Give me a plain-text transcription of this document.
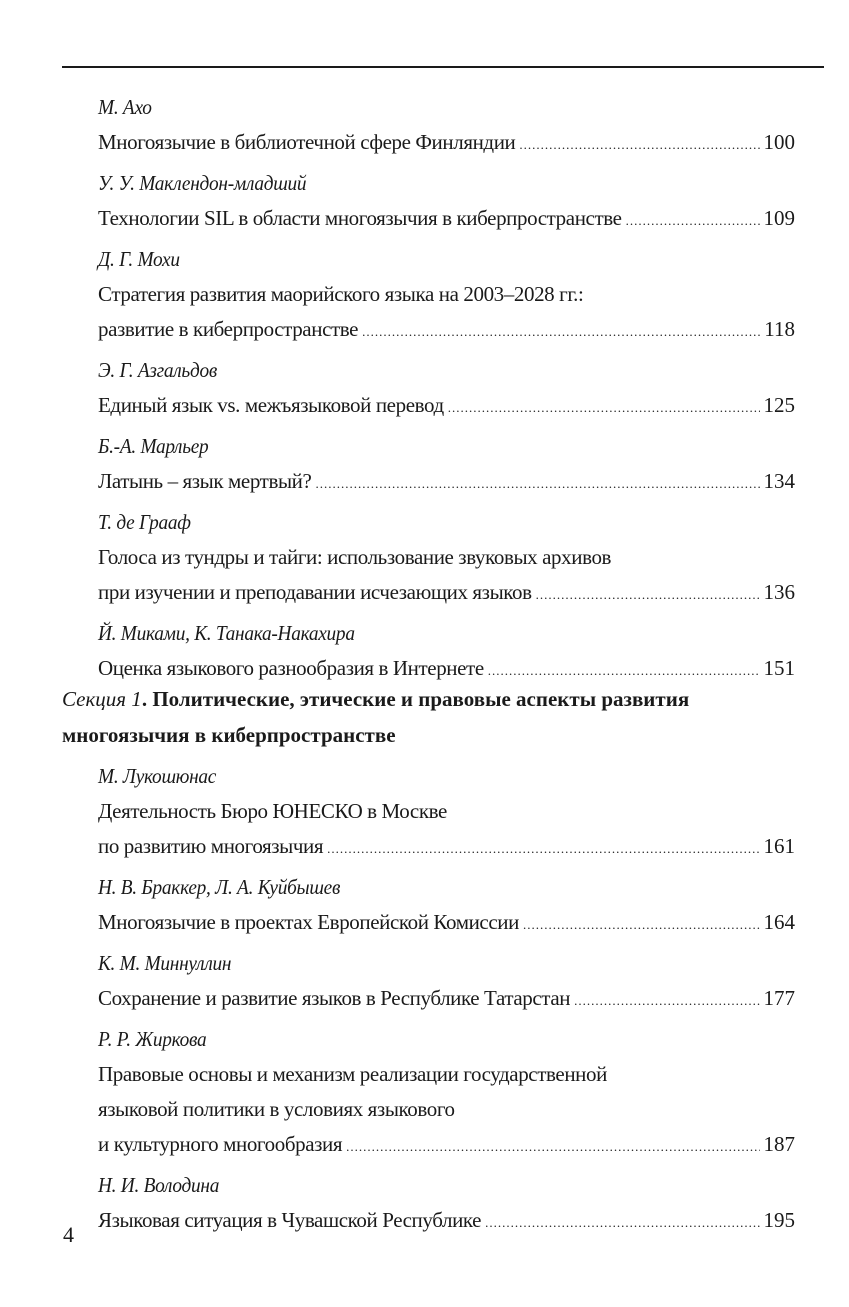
М. Ахо
Многоязычие в библиотечной сфере Финляндии .....	100
У. У. Маклендон-младший
Технологии SIL в области многоязычия в киберпространстве .....	109
Д. Г. Мохи
Стратегия развития маорийского языка на 2003–2028 гг.:
развитие в киберпространстве .....	118
Э. Г. Азгальдов
Единый язык vs. межъязыковой перевод .....	125
Б.-А. Марльер
Латынь – язык мертвый? .....	134
Т. де Грааф
Голоса из тундры и тайги: использование звуковых архивов
при изучении и преподавании исчезающих языков .....	136
Й. Миками, К. Танака-Накахира
Оценка языкового разнообразия в Интернете .....	151
Секция 1. Политические, этические и правовые аспекты развития
многоязычия в киберпространстве
М. Лукошюнас
Деятельность Бюро ЮНЕСКО в Москве
по развитию многоязычия .....	161
Н. В. Браккер, Л. А. Куйбышев
Многоязычие в проектах Европейской Комиссии .....	164
К. М. Миннуллин
Сохранение и развитие языков в Республике Татарстан .....	177
Р. Р. Жиркова
Правовые основы и механизм реализации государственной
языковой политики в условиях языкового
и культурного многообразия .....	187
Н. И. Володина
Языковая ситуация в Чувашской Республике .....	195
4
